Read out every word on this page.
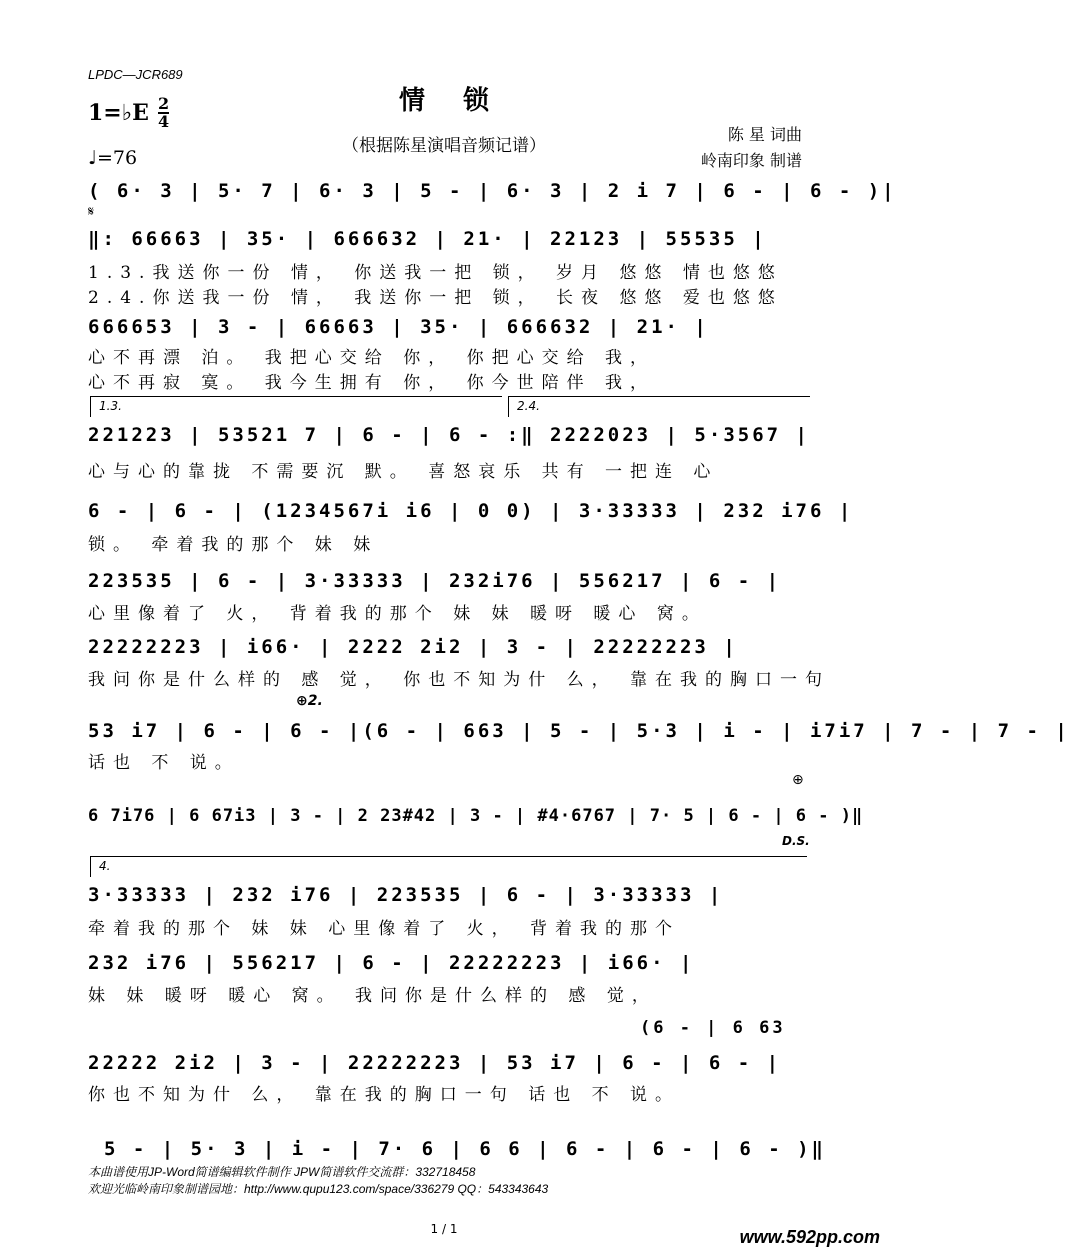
LPDC—JCR689
情锁
（根据陈星演唱音频记谱）
1=♭E 2
4
♩=76
陈 星 词曲
岭南印象 制谱
( 6· 3 | 5· 7 | 6· 3 | 5 - | 6· 3 | 2 i 7 | 6 - | 6 - )|
𝄋
‖: 66663 | 35· | 666632 | 21· | 22123 | 55535 |
1.3.我送你一份 情， 你送我一把 锁， 岁月 悠悠 情也悠悠
2.4.你送我一份 情， 我送你一把 锁， 长夜 悠悠 爱也悠悠
666653 | 3 - | 66663 | 35· | 666632 | 21· |
心不再漂 泊。 我把心交给 你， 你把心交给 我，
心不再寂 寞。 我今生拥有 你， 你今世陪伴 我，
1.3.	2.4.
221223 | 53521 7 | 6 - | 6 - :‖ 2222023 | 5·3567 |
心与心的靠拢 不需要沉 默。 喜怒哀乐 共有 一把连 心
6 - | 6 - | (1234567i i6 | 0 0) | 3·33333 | 232 i76 |
锁。 牵着我的那个 妹 妹
223535 | 6 - | 3·33333 | 232i76 | 556217 | 6 - |
心里像着了 火， 背着我的那个 妹 妹 暖呀 暖心 窝。
22222223 | i66· | 2222 2i2 | 3 - | 22222223 |
我问你是什么样的 感 觉， 你也不知为什 么， 靠在我的胸口一句
⊕2.
53 i7 | 6 - | 6 - |(6 - | 663 | 5 - | 5·3 | i - | i7i7 | 7 - | 7 - |
话也 不 说。
⊕
6 7i76 | 6 67i3 | 3 - | 2 23#42 | 3 - | #4·6767 | 7· 5 | 6 - | 6 - )‖
D.S.
4.
3·33333 | 232 i76 | 223535 | 6 - | 3·33333 |
牵着我的那个 妹 妹 心里像着了 火， 背着我的那个
232 i76 | 556217 | 6 - | 22222223 | i66· |
妹 妹 暖呀 暖心 窝。 我问你是什么样的 感 觉，
(6 - | 6 63
22222 2i2 | 3 - | 22222223 | 53 i7 | 6 - | 6 - |
你也不知为什 么， 靠在我的胸口一句 话也 不 说。
5 - | 5· 3 | i - | 7· 6 | 6 6 | 6 - | 6 - | 6 - )‖
本曲谱使用JP-Word简谱编辑软件制作 JPW简谱软件交流群：332718458
欢迎光临岭南印象制谱园地：http://www.qupu123.com/space/336279 QQ：543343643
1 / 1	www.592pp.com
